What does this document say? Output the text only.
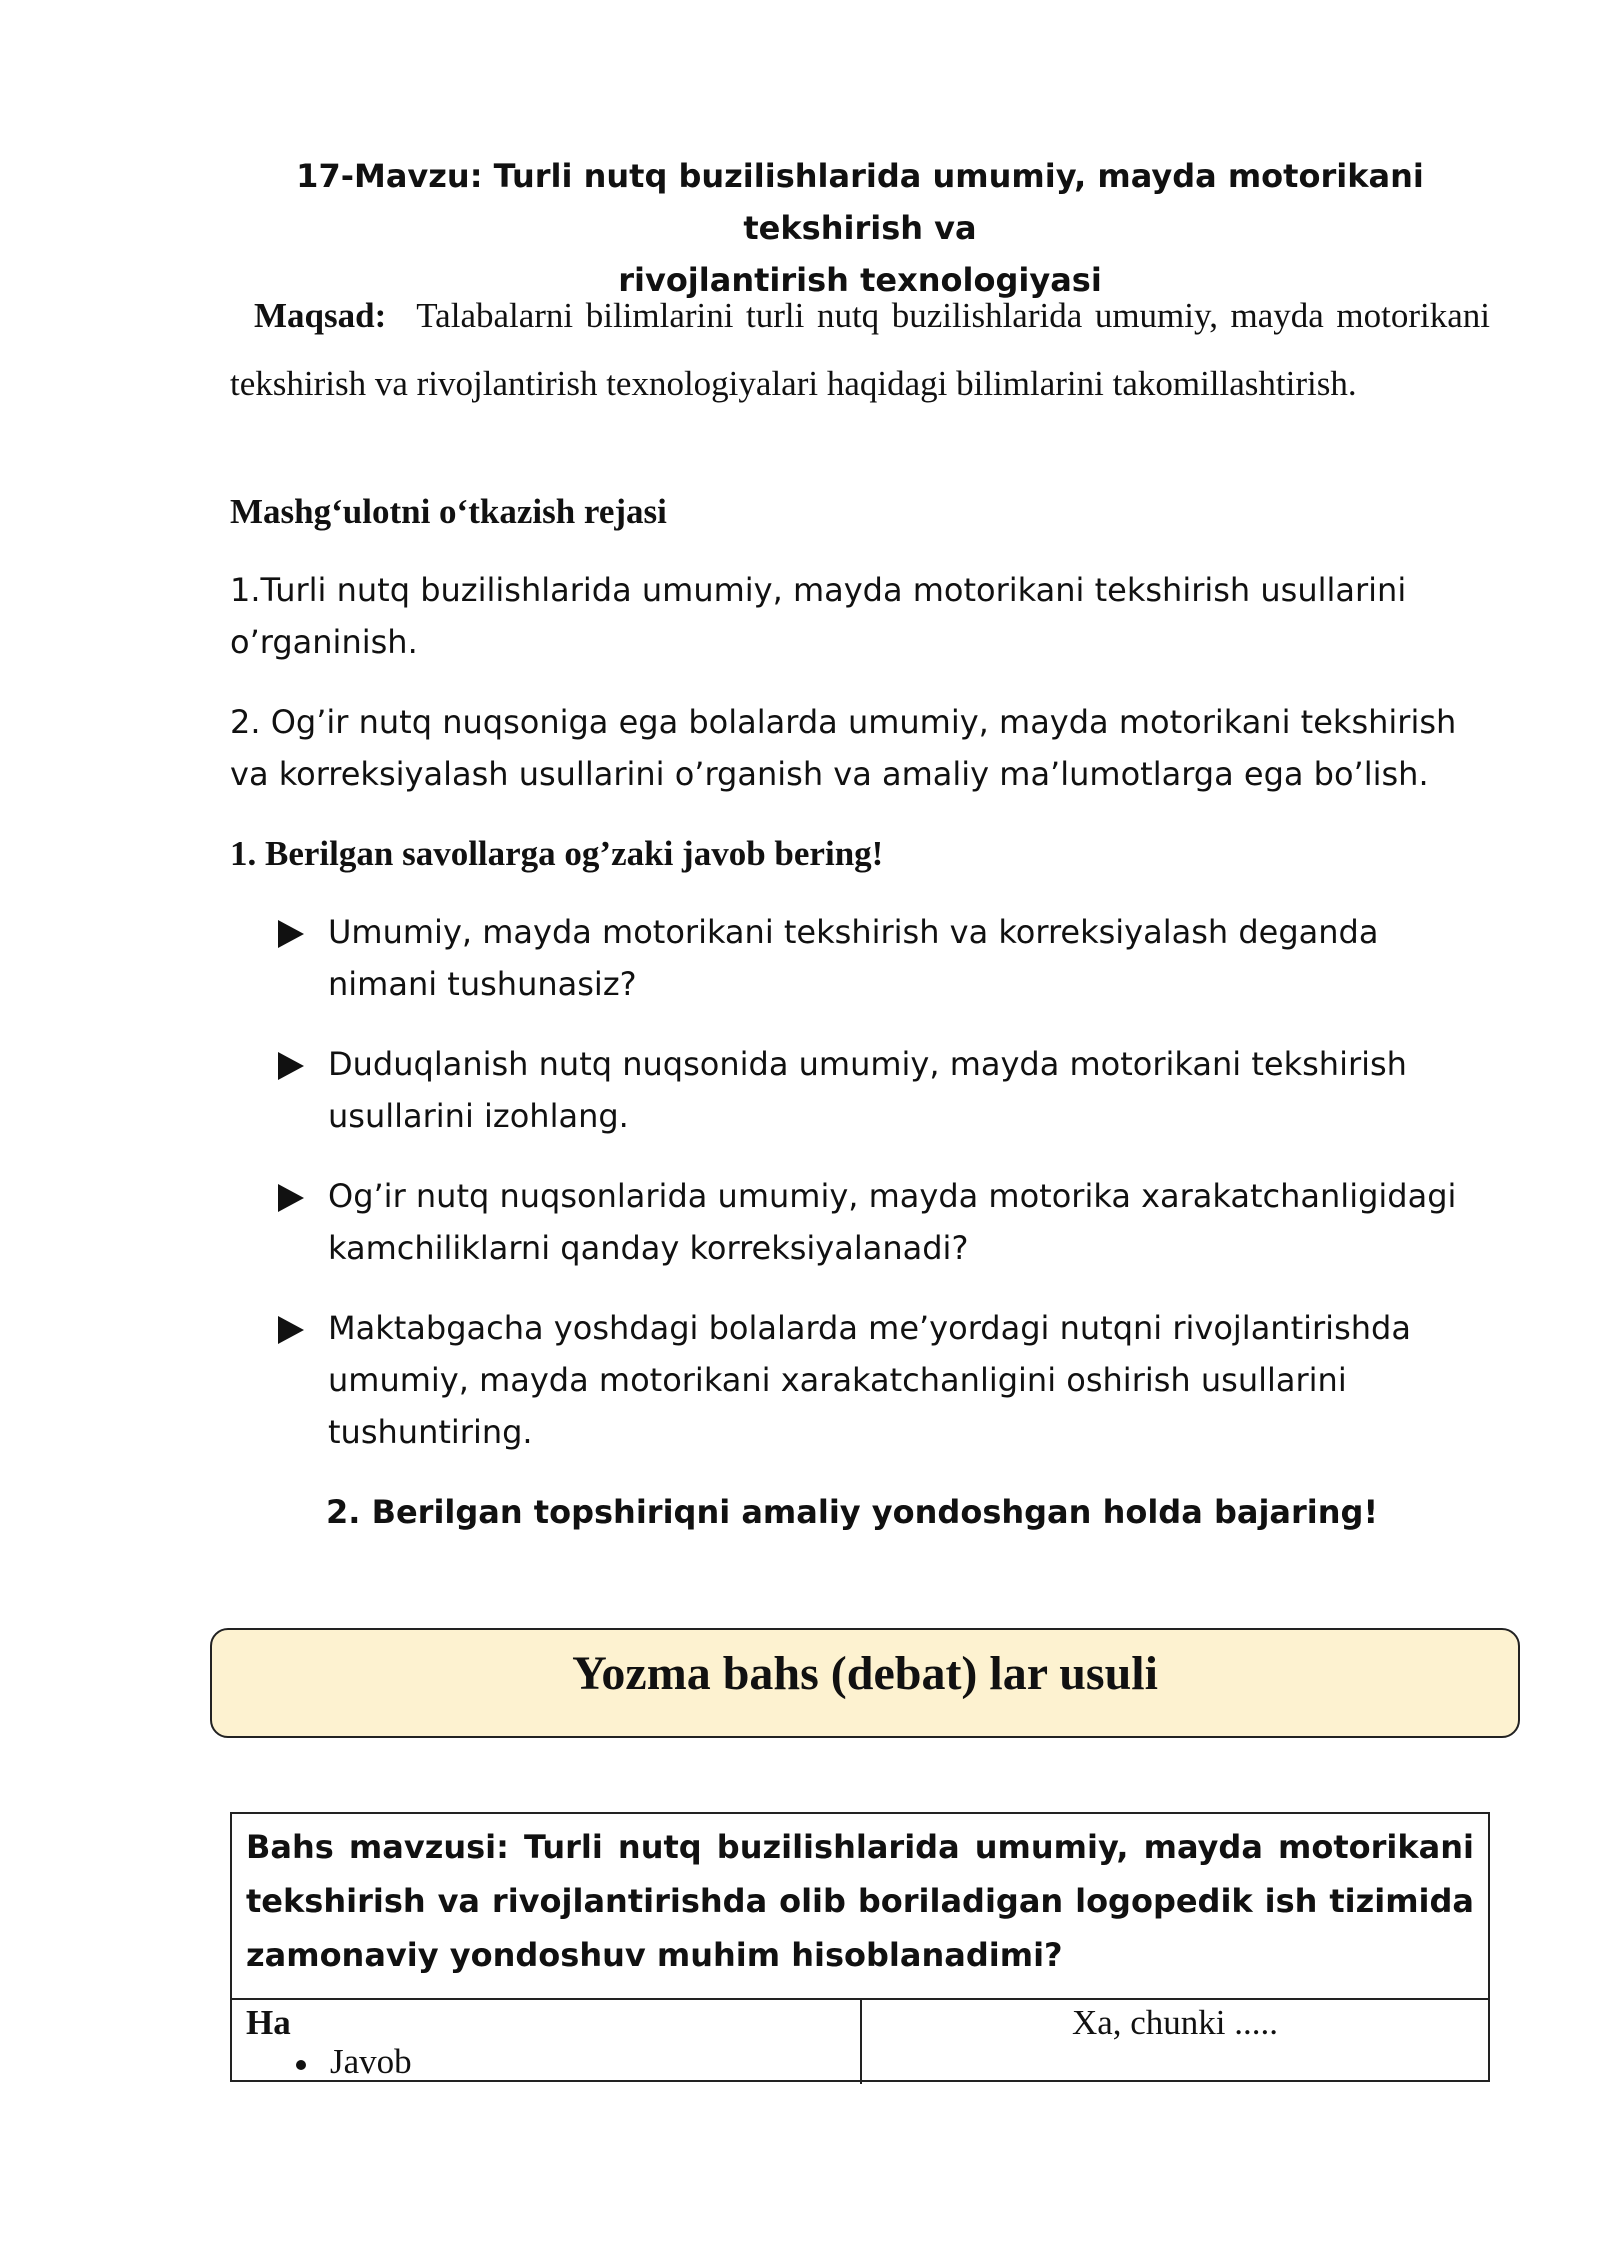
17-Mavzu: Turli nutq buzilishlarida umumiy, mayda motorikani tekshirish va
rivojlantirish texnologiyasi
Maqsad: Talabalarni bilimlarini turli nutq buzilishlarida umumiy, mayda motorikani tekshirish va rivojlantirish texnologiyalari haqidagi bilimlarini takomillashtirish.
Mashg‘ulotni o‘tkazish rejasi
1.Turli nutq buzilishlarida umumiy, mayda motorikani tekshirish usullarini o’rganinish.
2. Og’ir nutq nuqsoniga ega bolalarda umumiy, mayda motorikani tekshirish va korreksiyalash usullarini o’rganish va amaliy ma’lumotlarga ega bo’lish.
1. Berilgan savollarga og’zaki javob bering!
Umumiy, mayda motorikani tekshirish va korreksiyalash deganda nimani tushunasiz?
Duduqlanish nutq nuqsonida umumiy, mayda motorikani tekshirish usullarini izohlang.
Og’ir nutq nuqsonlarida umumiy, mayda motorika xarakatchanligidagi kamchiliklarni qanday korreksiyalanadi?
Maktabgacha yoshdagi bolalarda me’yordagi nutqni rivojlantirishda umumiy, mayda motorikani xarakatchanligini oshirish usullarini tushuntiring.
2. Berilgan topshiriqni amaliy yondoshgan holda bajaring!
Yozma bahs (debat) lar usuli
Bahs mavzusi: Turli nutq buzilishlarida umumiy, mayda motorikani tekshirish va rivojlantirishda olib boriladigan logopedik ish tizimida zamonaviy yondoshuv muhim hisoblanadimi?
Ha
Javob
Xa, chunki .....
